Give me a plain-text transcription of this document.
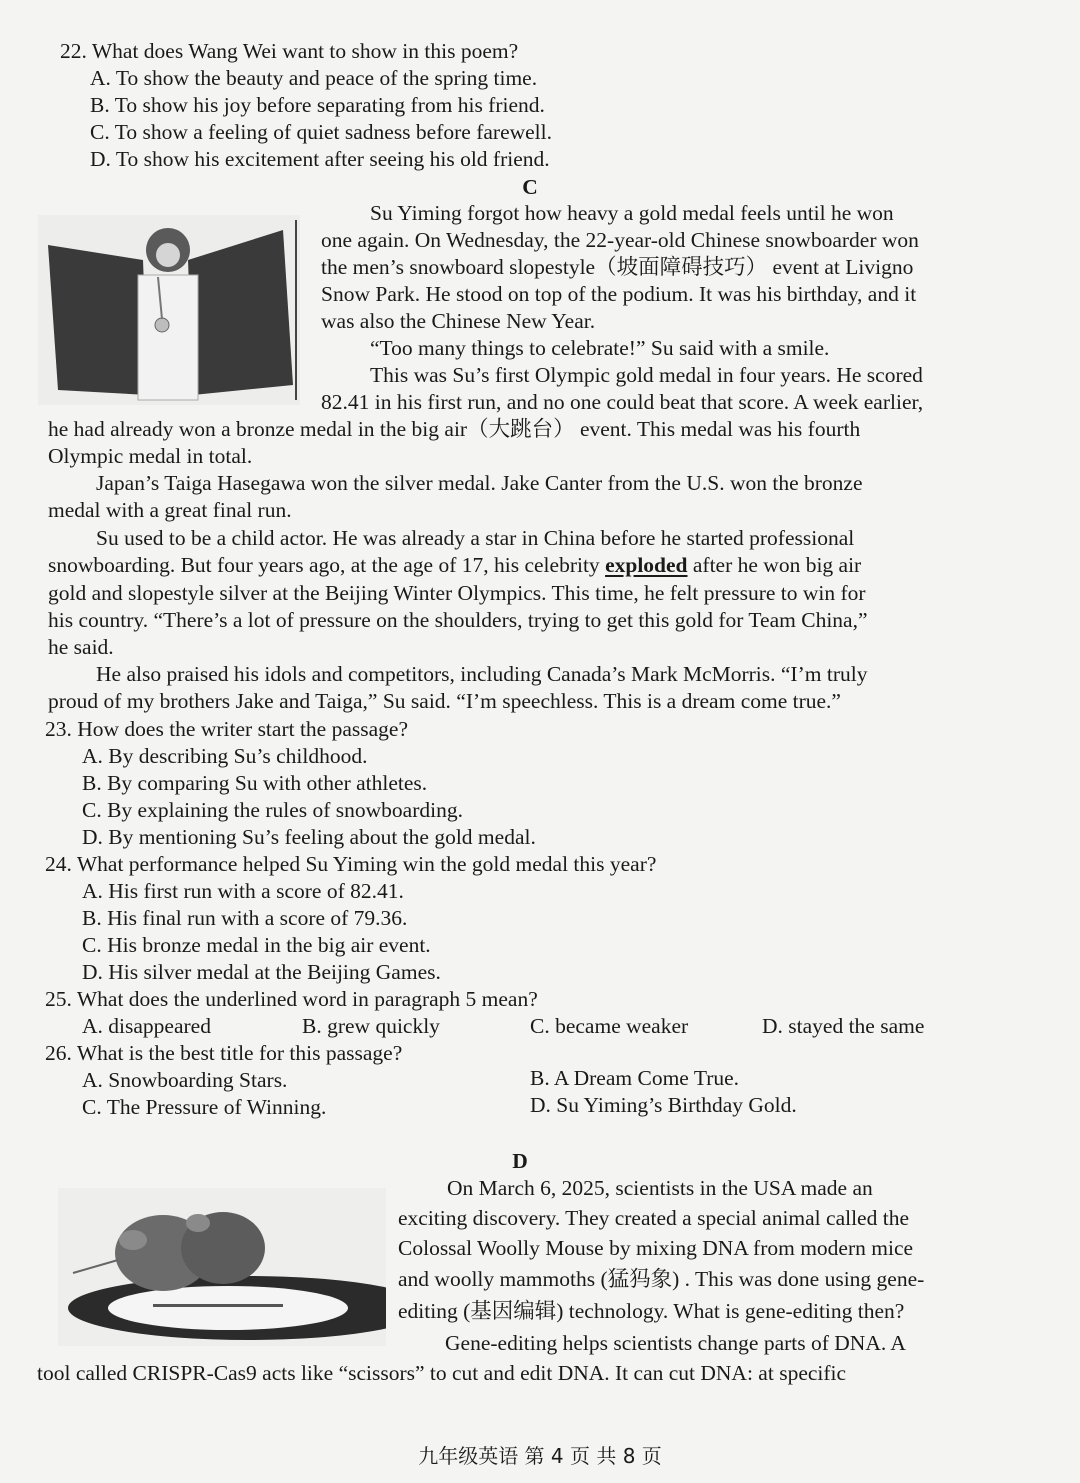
22. What does Wang Wei want to show in this poem?
A. To show the beauty and peace of the spring time.
B. To show his joy before separating from his friend.
C. To show a feeling of quiet sadness before farewell.
D. To show his excitement after seeing his old friend.
C
Su Yiming forgot how heavy a gold medal feels until he won
one again. On Wednesday, the 22-year-old Chinese snowboarder won
the men’s snowboard slopestyle（坡面障碍技巧） event at Livigno
Snow Park. He stood on top of the podium. It was his birthday, and it
was also the Chinese New Year.
“Too many things to celebrate!” Su said with a smile.
This was Su’s first Olympic gold medal in four years. He scored
82.41 in his first run, and no one could beat that score. A week earlier,
he had already won a bronze medal in the big air（大跳台） event. This medal was his fourth
Olympic medal in total.
Japan’s Taiga Hasegawa won the silver medal. Jake Canter from the U.S. won the bronze
medal with a great final run.
Su used to be a child actor. He was already a star in China before he started professional
snowboarding. But four years ago, at the age of 17, his celebrity exploded after he won big air
gold and slopestyle silver at the Beijing Winter Olympics. This time, he felt pressure to win for
his country. “There’s a lot of pressure on the shoulders, trying to get this gold for Team China,”
he said.
He also praised his idols and competitors, including Canada’s Mark McMorris. “I’m truly
proud of my brothers Jake and Taiga,” Su said. “I’m speechless. This is a dream come true.”
23. How does the writer start the passage?
A. By describing Su’s childhood.
B. By comparing Su with other athletes.
C. By explaining the rules of snowboarding.
D. By mentioning Su’s feeling about the gold medal.
24. What performance helped Su Yiming win the gold medal this year?
A. His first run with a score of 82.41.
B. His final run with a score of 79.36.
C. His bronze medal in the big air event.
D. His silver medal at the Beijing Games.
25. What does the underlined word in paragraph 5 mean?
A. disappeared	B. grew quickly	C. became weaker	D. stayed the same
26. What is the best title for this passage?
A. Snowboarding Stars.	B. A Dream Come True.
C. The Pressure of Winning.	D. Su Yiming’s Birthday Gold.
D
On March 6, 2025, scientists in the USA made an
exciting discovery. They created a special animal called the
Colossal Woolly Mouse by mixing DNA from modern mice
and woolly mammoths (猛犸象) . This was done using gene-
editing (基因编辑) technology. What is gene-editing then?
Gene-editing helps scientists change parts of DNA. A
tool called CRISPR-Cas9 acts like “scissors” to cut and edit DNA. It can cut DNA: at specific
九年级英语 第 4 页 共 8 页
